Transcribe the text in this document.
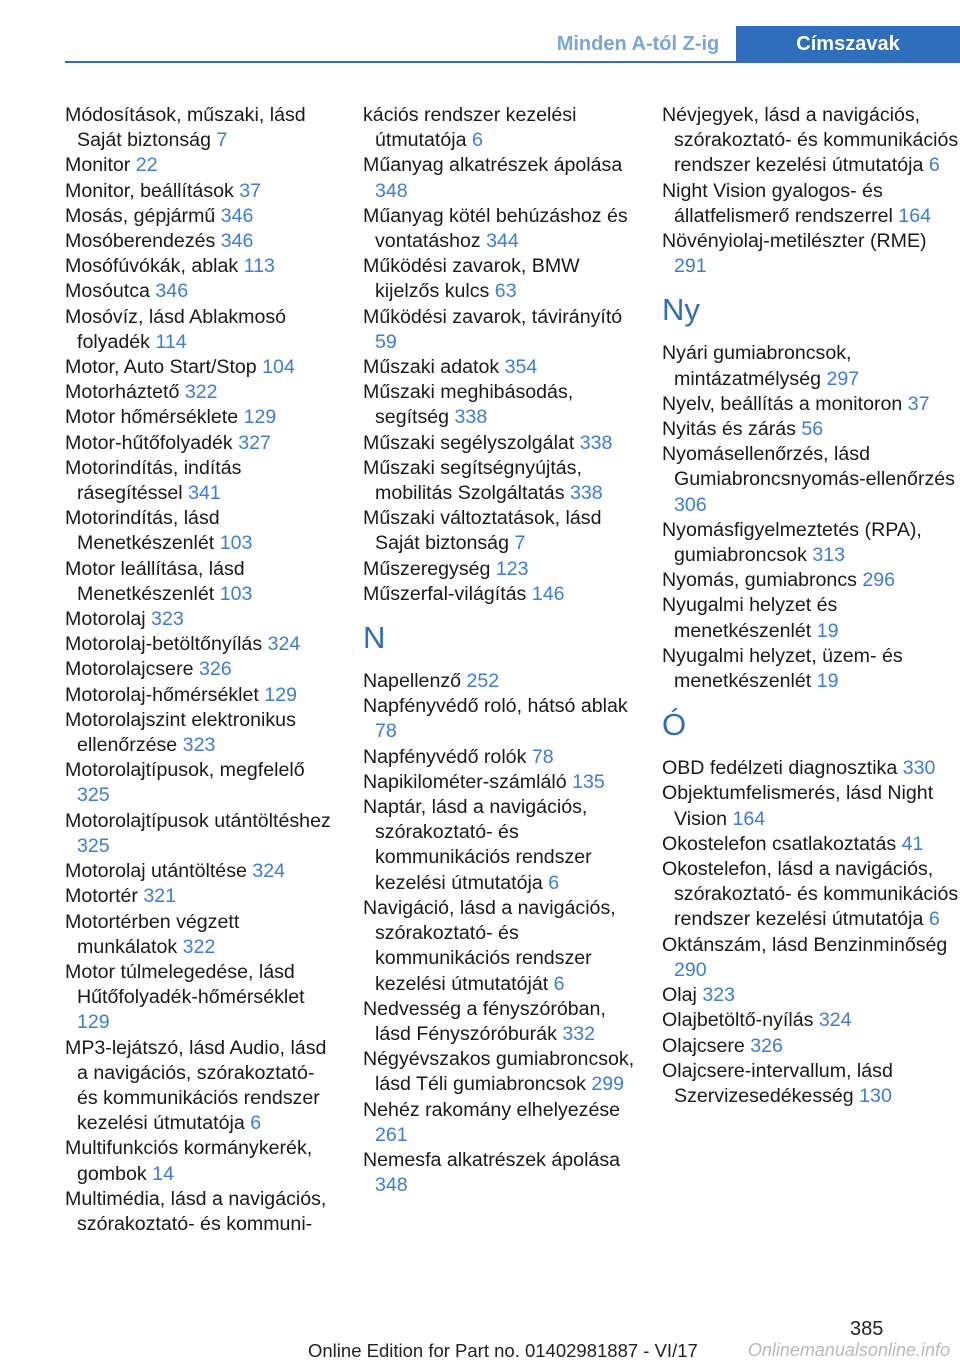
Minden A-tól Z-ig	Címszavak

Módosítások, műszaki, lásd Saját biztonság 7

Monitor 22

Monitor, beállítások 37

Mosás, gépjármű 346

Mosóberendezés 346

Mosófúvókák, ablak 113

Mosóutca 346

Mosóvíz, lásd Ablakmosó folyadék 114

Motor, Auto Start/Stop 104

Motorháztető 322

Motor hőmérséklete 129

Motor-hűtőfolyadék 327

Motorindítás, indítás rásegítéssel 341

Motorindítás, lásd Menetkészenlét 103

Motor leállítása, lásd Menetkészenlét 103

Motorolaj 323

Motorolaj-betöltőnyílás 324

Motorolajcsere 326

Motorolaj-hőmérséklet 129

Motorolajszint elektronikus ellenőrzése 323

Motorolajtípusok, megfelelő 325

Motorolajtípusok utántöltéshez 325

Motorolaj utántöltése 324

Motortér 321

Motortérben végzett munkálatok 322

Motor túlmelegedése, lásd Hűtőfolyadék-hőmérséklet 129

MP3-lejátszó, lásd Audio, lásd a navigációs, szórakoztató- és kommunikációs rendszer kezelési útmutatója 6

Multifunkciós kormánykerék, gombok 14

Multimédia, lásd a navigációs, szórakoztató- és kommuni-

kációs rendszer kezelési útmutatója 6

Műanyag alkatrészek ápolása 348

Műanyag kötél behúzáshoz és vontatáshoz 344

Működési zavarok, BMW kijelzős kulcs 63

Működési zavarok, távirányító 59

Műszaki adatok 354

Műszaki meghibásodás, segítség 338

Műszaki segélyszolgálat 338

Műszaki segítségnyújtás, mobilitás Szolgáltatás 338

Műszaki változtatások, lásd Saját biztonság 7

Műszeregység 123

Műszerfal-világítás 146

N

Napellenző 252

Napfényvédő roló, hátsó ablak 78

Napfényvédő rolók 78

Napikilométer-számláló 135

Naptár, lásd a navigációs, szórakoztató- és kommunikációs rendszer kezelési útmutatója 6

Navigáció, lásd a navigációs, szórakoztató- és kommunikációs rendszer kezelési útmutatóját 6

Nedvesség a fényszóróban, lásd Fényszóróburák 332

Négyévszakos gumiabroncsok, lásd Téli gumiabroncsok 299

Nehéz rakomány elhelyezése 261

Nemesfa alkatrészek ápolása 348

Névjegyek, lásd a navigációs, szórakoztató- és kommunikációs rendszer kezelési útmutatója 6

Night Vision gyalogos- és állatfelismerő rendszerrel 164

Növényiolaj-metilészter (RME) 291

Ny

Nyári gumiabroncsok, mintázatmélység 297

Nyelv, beállítás a monitoron 37

Nyitás és zárás 56

Nyomásellenőrzés, lásd Gumiabroncsnyomás-ellenőrzés 306

Nyomásfigyelmeztetés (RPA), gumiabroncsok 313

Nyomás, gumiabroncs 296

Nyugalmi helyzet és menetkészenlét 19

Nyugalmi helyzet, üzem- és menetkészenlét 19

Ó

OBD fedélzeti diagnosztika 330

Objektumfelismerés, lásd Night Vision 164

Okostelefon csatlakoztatás 41

Okostelefon, lásd a navigációs, szórakoztató- és kommunikációs rendszer kezelési útmutatója 6

Oktánszám, lásd Benzinminőség 290

Olaj 323

Olajbetöltő-nyílás 324

Olajcsere 326

Olajcsere-intervallum, lásd Szervizesedékesség 130

385
Online Edition for Part no. 01402981887 - VI/17	Onlinemanualsonline.info
